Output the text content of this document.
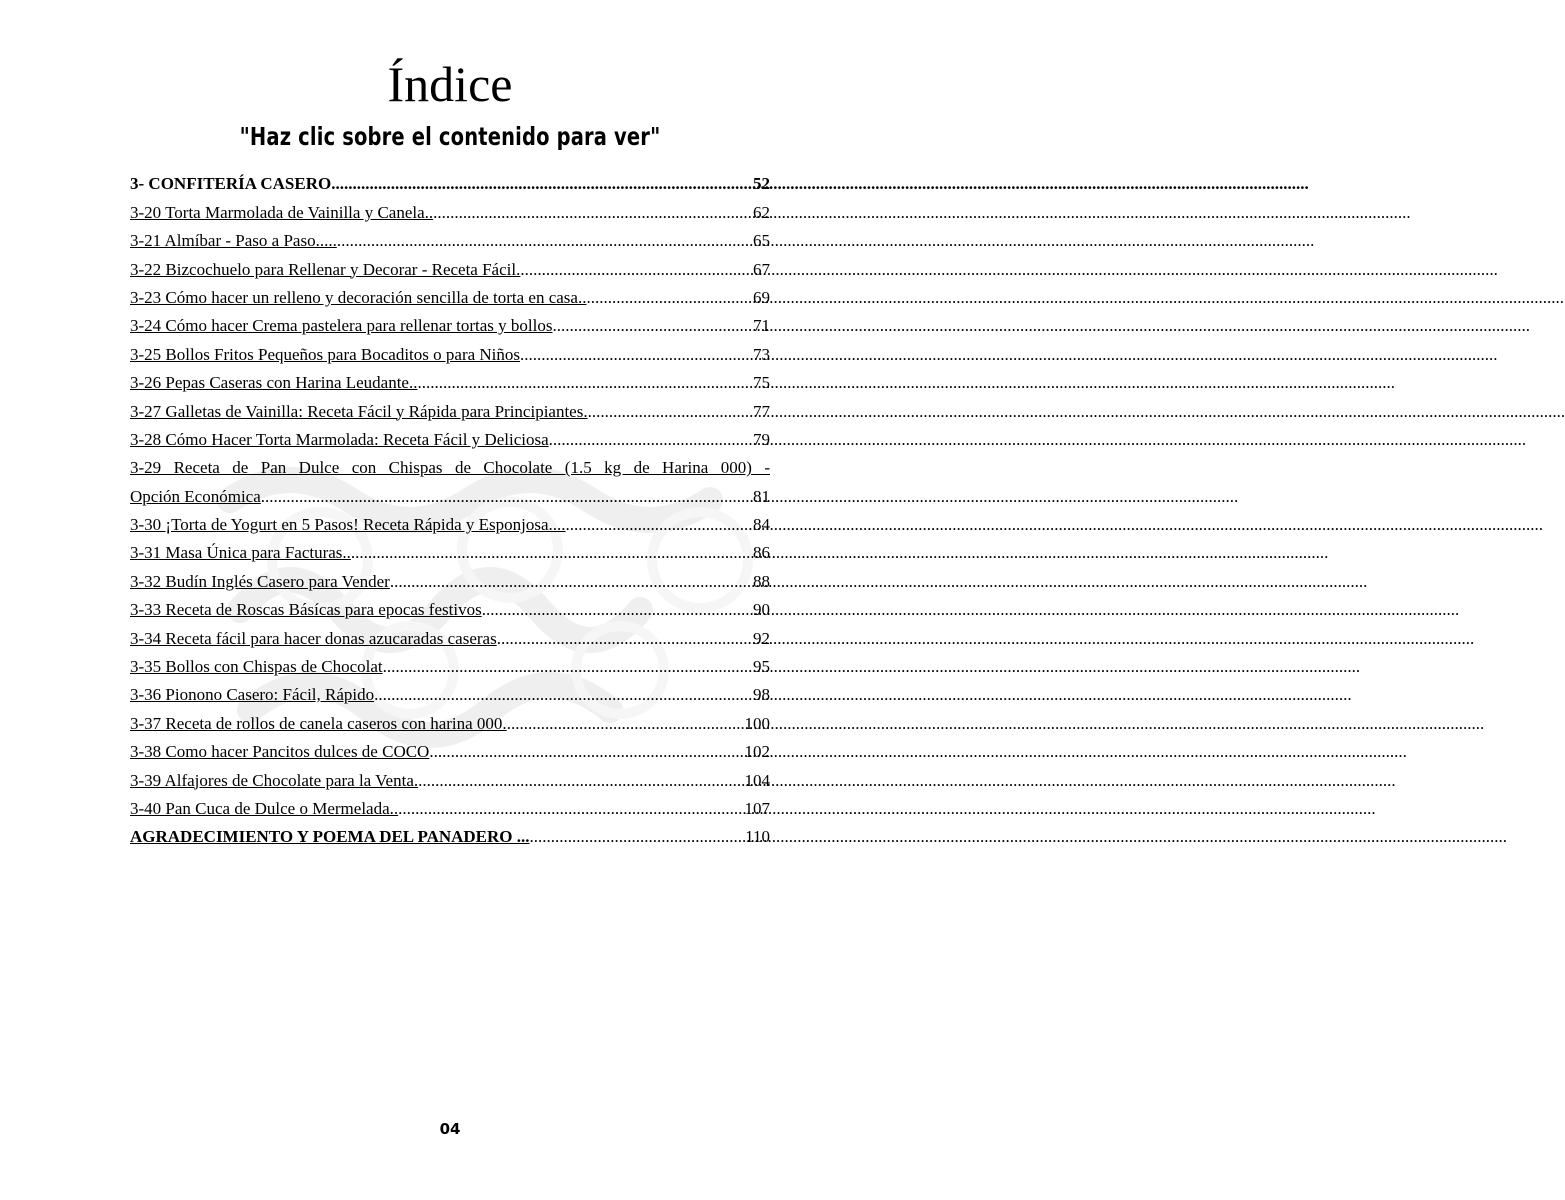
Índice
"Haz clic sobre el contenido para ver"
3- CONFITERÍA CASERO .....	52
3-20 Torta Marmolada de Vainilla y Canela.. .....	62
3-21 Almíbar - Paso a Paso..... .....	65
3-22 Bizcochuelo para Rellenar y Decorar - Receta Fácil. .....	67
3-23 Cómo hacer un relleno y decoración sencilla de torta en casa.. .....	69
3-24 Cómo hacer Crema pastelera para rellenar tortas y bollos .....	71
3-25 Bollos Fritos Pequeños para Bocaditos o para Niños .....	73
3-26 Pepas Caseras con Harina Leudante.. .....	75
3-27 Galletas de Vainilla: Receta Fácil y Rápida para Principiantes. .....	77
3-28 Cómo Hacer Torta Marmolada: Receta Fácil y Deliciosa .....	79
3-29 Receta de Pan Dulce con Chispas de Chocolate (1.5 kg de Harina 000) -
Opción Económica .....	81
3-30 ¡Torta de Yogurt en 5 Pasos! Receta Rápida y Esponjosa.... .....	84
3-31 Masa Única para Facturas.. .....	86
3-32 Budín Inglés Casero para Vender .....	88
3-33 Receta de Roscas Básícas para epocas festivos .....	90
3-34 Receta fácil para hacer donas azucaradas caseras .....	92
3-35 Bollos con Chispas de Chocolat .....	95
3-36 Pionono Casero: Fácil, Rápido .....	98
3-37 Receta de rollos de canela caseros con harina 000. .....	100
3-38 Como hacer Pancitos dulces de COCO .....	102
3-39 Alfajores de Chocolate para la Venta. .....	104
3-40 Pan Cuca de Dulce o Mermelada.. .....	107
AGRADECIMIENTO Y POEMA DEL PANADERO ... .....	110
04
